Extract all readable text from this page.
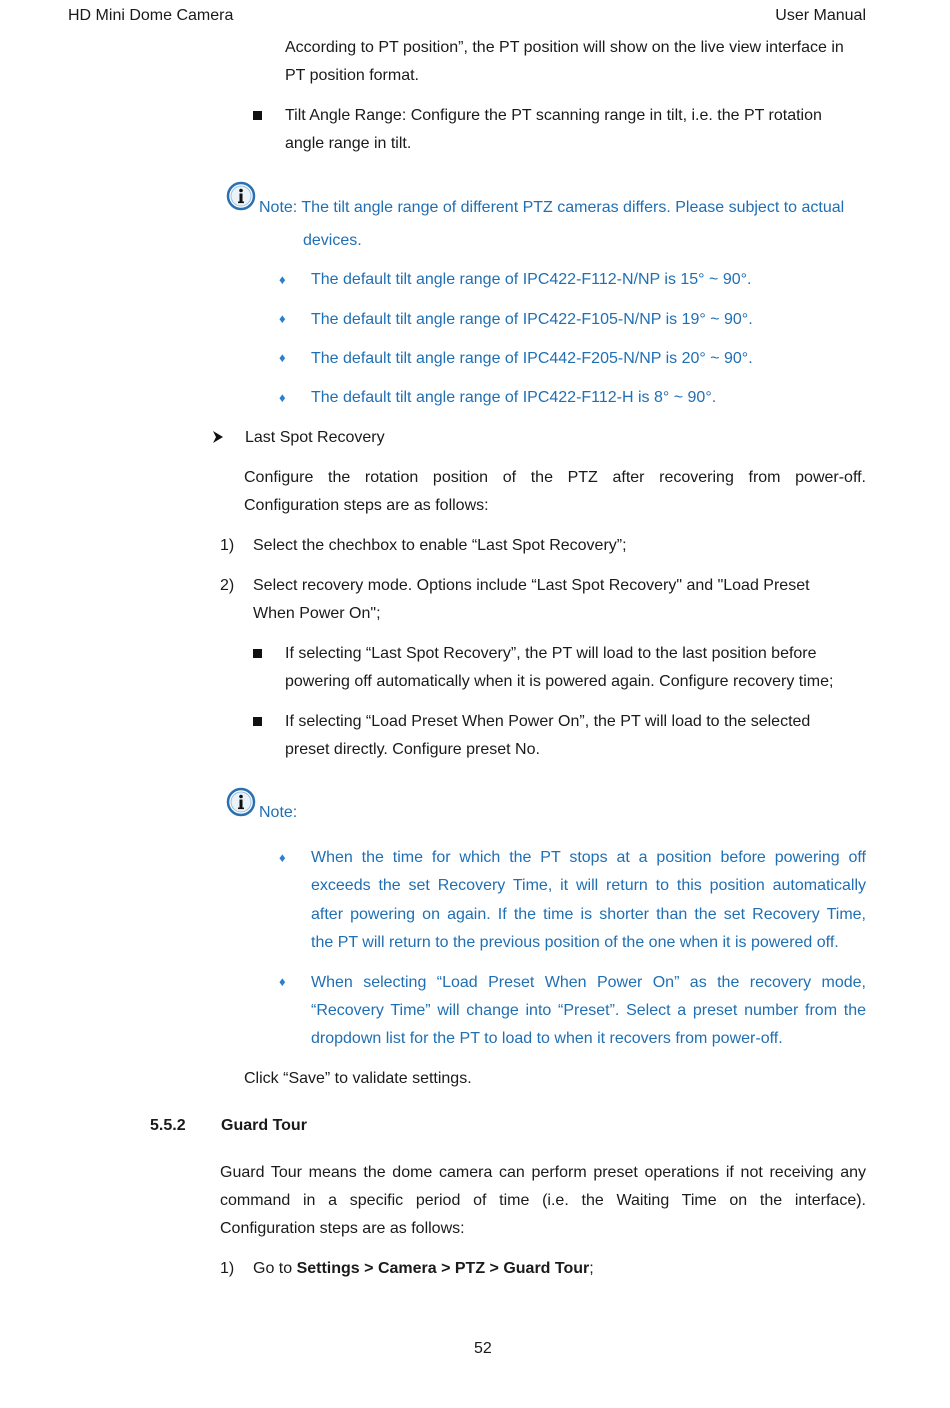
HD Mini Dome Camera	User Manual
According to PT position”, the PT position will show on the live view interface in
PT position format.
Tilt Angle Range: Configure the PT scanning range in tilt, i.e. the PT rotation
angle range in tilt.
Note: The tilt angle range of different PTZ cameras differs. Please subject to actual
devices.
♦ The default tilt angle range of IPC422-F112-N/NP is 15° ~ 90°.
♦ The default tilt angle range of IPC422-F105-N/NP is 19° ~ 90°.
♦ The default tilt angle range of IPC442-F205-N/NP is 20° ~ 90°.
♦ The default tilt angle range of IPC422-F112-H is 8° ~ 90°.
Last Spot Recovery
Configure the rotation position of the PTZ after recovering from power-off.
Configuration steps are as follows:
1) Select the chechbox to enable “Last Spot Recovery”;
2) Select recovery mode. Options include “Last Spot Recovery" and "Load Preset
When Power On";
If selecting “Last Spot Recovery”, the PT will load to the last position before
powering off automatically when it is powered again. Configure recovery time;
If selecting “Load Preset When Power On”, the PT will load to the selected
preset directly. Configure preset No.
Note:
♦ When the time for which the PT stops at a position before powering off
exceeds the set Recovery Time, it will return to this position automatically
after powering on again. If the time is shorter than the set Recovery Time,
the PT will return to the previous position of the one when it is powered off.
♦ When selecting “Load Preset When Power On” as the recovery mode,
“Recovery Time” will change into “Preset”. Select a preset number from the
dropdown list for the PT to load to when it recovers from power-off.
Click “Save” to validate settings.
5.5.2 Guard Tour
Guard Tour means the dome camera can perform preset operations if not receiving any
command in a specific period of time (i.e. the Waiting Time on the interface).
Configuration steps are as follows:
1) Go to Settings > Camera > PTZ > Guard Tour;
52
